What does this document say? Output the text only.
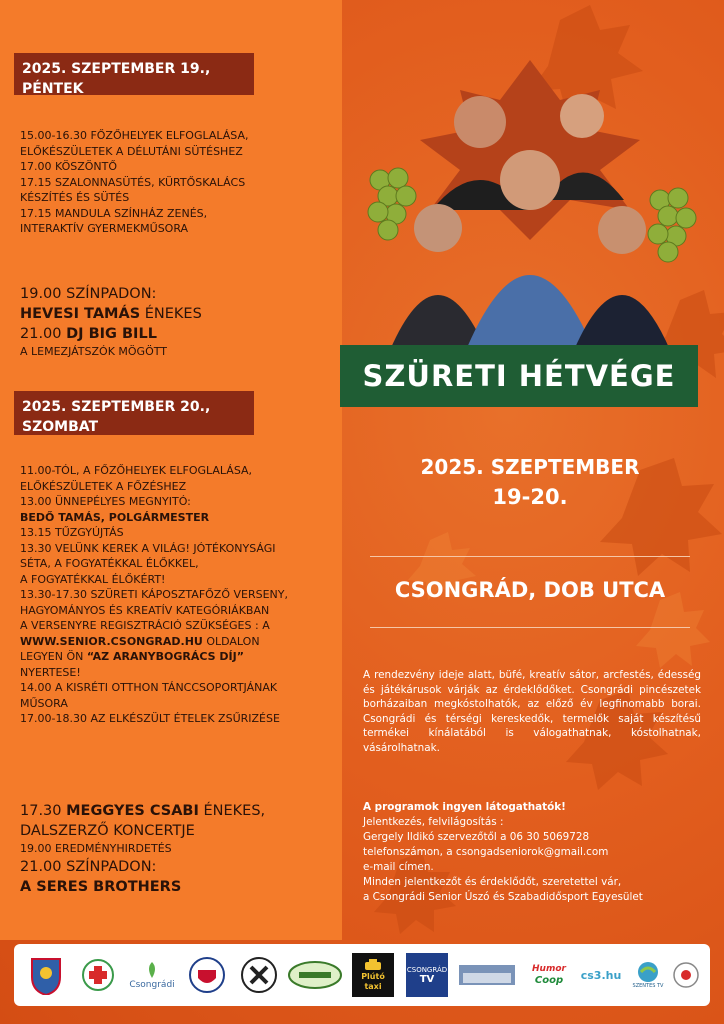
2025. SZEPTEMBER 19.,
PÉNTEK
15.00-16.30 FŐZŐHELYEK ELFOGLALÁSA,
ELŐKÉSZÜLETEK A DÉLUTÁNI SÜTÉSHEZ
17.00 KÖSZÖNTŐ
17.15 SZALONNASÜTÉS, KÜRTŐSKALÁCS
KÉSZÍTÉS ÉS SÜTÉS
17.15 MANDULA SZÍNHÁZ ZENÉS,
INTERAKTÍV GYERMEKMŰSORA
19.00 SZÍNPADON:
HEVESI TAMÁS ÉNEKES
21.00 DJ BIG BILL
A LEMEZJÁTSZÓK MÖGÖTT
2025. SZEPTEMBER 20.,
SZOMBAT
11.00-TÓL, A FŐZŐHELYEK ELFOGLALÁSA,
ELŐKÉSZÜLETEK A FŐZÉSHEZ
13.00 ÜNNEPÉLYES MEGNYITÓ:
BEDŐ TAMÁS, POLGÁRMESTER
13.15 TŰZGYÚJTÁS
13.30 VELÜNK KEREK A VILÁG! JÓTÉKONYSÁGI
SÉTA, A FOGYATÉKKAL ÉLŐKKEL,
A FOGYATÉKKAL ÉLŐKÉRT!
13.30-17.30 SZÜRETI KÁPOSZTAFŐZŐ VERSENY,
HAGYOMÁNYOS ÉS KREATÍV KATEGÓRIÁKBAN
A VERSENYRE REGISZTRÁCIÓ SZÜKSÉGES : A
WWW.SENIOR.CSONGRAD.HU OLDALON
LEGYEN ÖN “AZ ARANYBOGRÁCS DÍJ”
NYERTESE!
14.00 A KISRÉTI OTTHON TÁNCCSOPORTJÁNAK
MŰSORA
17.00-18.30 AZ ELKÉSZÜLT ÉTELEK ZSŰRIZÉSE
17.30 MEGGYES CSABI ÉNEKES,
DALSZERZŐ KONCERTJE
19.00 EREDMÉNYHIRDETÉS
21.00 SZÍNPADON:
A SERES BROTHERS
SZÜRETI HÉTVÉGE
2025. SZEPTEMBER
19-20.
CSONGRÁD, DOB UTCA

A rendezvény ideje alatt, büfé, kreatív sátor, arcfestés, édesség és játékárusok várják az érdeklődőket. Csongrádi pincészetek borházaiban megkóstolhatók, az előző év legfinomabb borai. Csongrádi és térségi kereskedők, termelők saját készítésű termékei kínálatából is válogathatnak, kóstolhatnak, vásárolhatnak.

A programok ingyen látogathatók!
Jelentkezés, felvilágosítás :
Gergely Ildikó szervezőtől a 06 30 5069728
telefonszámon, a csongadseniorok@gmail.com
e-mail címen.
Minden jelentkezőt és érdeklődőt, szeretettel vár,
a Csongrádi Senior Úszó és Szabadidősport Egyesület
Csongrádi
Plútó
taxi
CSONGRÁD
TV
Humor
Coop cs3.hu
SZENTES TV
